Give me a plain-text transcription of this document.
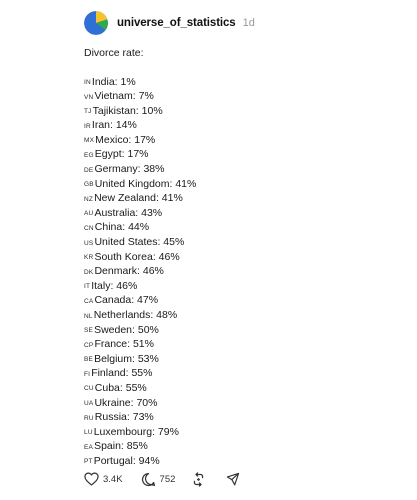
universe_of_statistics 1d

Divorce rate:

INIndia: 1%
VNVietnam: 7%
TJTajikistan: 10%
IRIran: 14%
MXMexico: 17%
EGEgypt: 17%
DEGermany: 38%
GBUnited Kingdom: 41%
NZNew Zealand: 41%
AUAustralia: 43%
CNChina: 44%
USUnited States: 45%
KRSouth Korea: 46%
DKDenmark: 46%
ITItaly: 46%
CACanada: 47%
NLNetherlands: 48%
SESweden: 50%
CPFrance: 51%
BEBelgium: 53%
FIFinland: 55%
CUCuba: 55%
UAUkraine: 70%
RURussia: 73%
LULuxembourg: 79%
EASpain: 85%
PTPortugal: 94%
3.4K	752
